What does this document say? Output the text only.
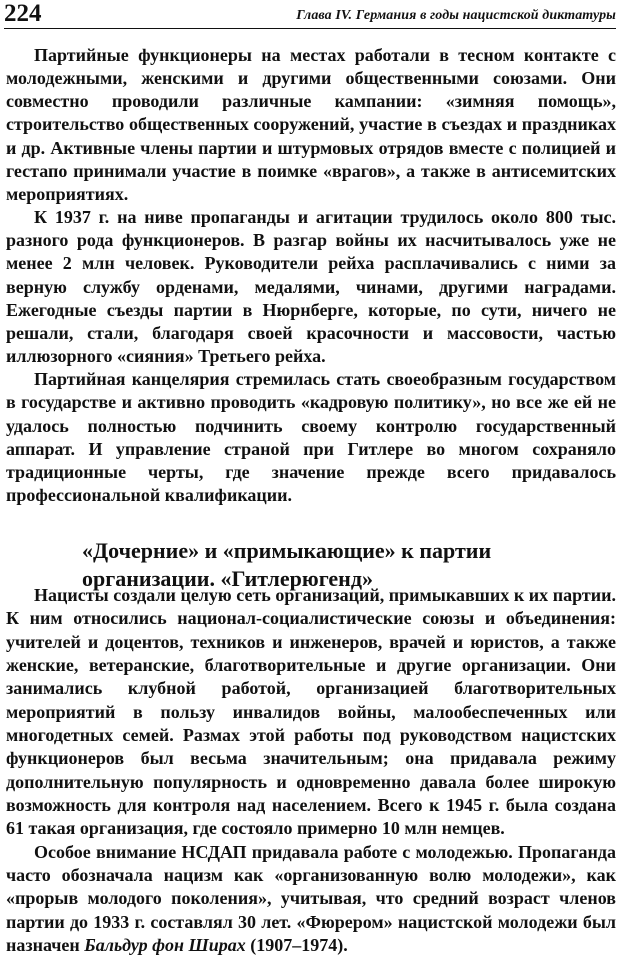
224	Глава IV. Германия в годы нацистской диктатуры

Партийные функционеры на местах работали в тесном контакте с молодежными, женскими и другими общественными союзами. Они совместно проводили различные кампании: «зимняя помощь», строительство общественных сооружений, участие в съездах и праздниках и др. Активные члены партии и штурмовых отрядов вместе с полицией и гестапо принимали участие в поимке «врагов», а также в антисемитских мероприятиях.

К 1937 г. на ниве пропаганды и агитации трудилось около 800 тыс. разного рода функционеров. В разгар войны их насчитывалось уже не менее 2 млн человек. Руководители рейха расплачивались с ними за верную службу орденами, медалями, чинами, другими наградами. Ежегодные съезды партии в Нюрнберге, которые, по сути, ничего не решали, стали, благодаря своей красочности и массовости, частью иллюзорного «сияния» Третьего рейха.

Партийная канцелярия стремилась стать своеобразным государством в государстве и активно проводить «кадровую политику», но все же ей не удалось полностью подчинить своему контролю государственный аппарат. И управление страной при Гитлере во многом сохраняло традиционные черты, где значение прежде всего придавалось профессиональной квалификации.

«Дочерние» и «примыкающие» к партии
организации. «Гитлерюгенд»

Нацисты создали целую сеть организаций, примыкавших к их партии. К ним относились национал-социалистические союзы и объединения: учителей и доцентов, техников и инженеров, врачей и юристов, а также женские, ветеранские, благотворительные и другие организации. Они занимались клубной работой, организацией благотворительных мероприятий в пользу инвалидов войны, малообеспеченных или многодетных семей. Размах этой работы под руководством нацистских функционеров был весьма значительным; она придавала режиму дополнительную популярность и одновременно давала более широкую возможность для контроля над населением. Всего к 1945 г. была создана 61 такая организация, где состояло примерно 10 млн немцев.

Особое внимание НСДАП придавала работе с молодежью. Пропаганда часто обозначала нацизм как «организованную волю молодежи», как «прорыв молодого поколения», учитывая, что средний возраст членов партии до 1933 г. составлял 30 лет. «Фюрером» нацистской молодежи был назначен Бальдур фон Ширах (1907–1974).
